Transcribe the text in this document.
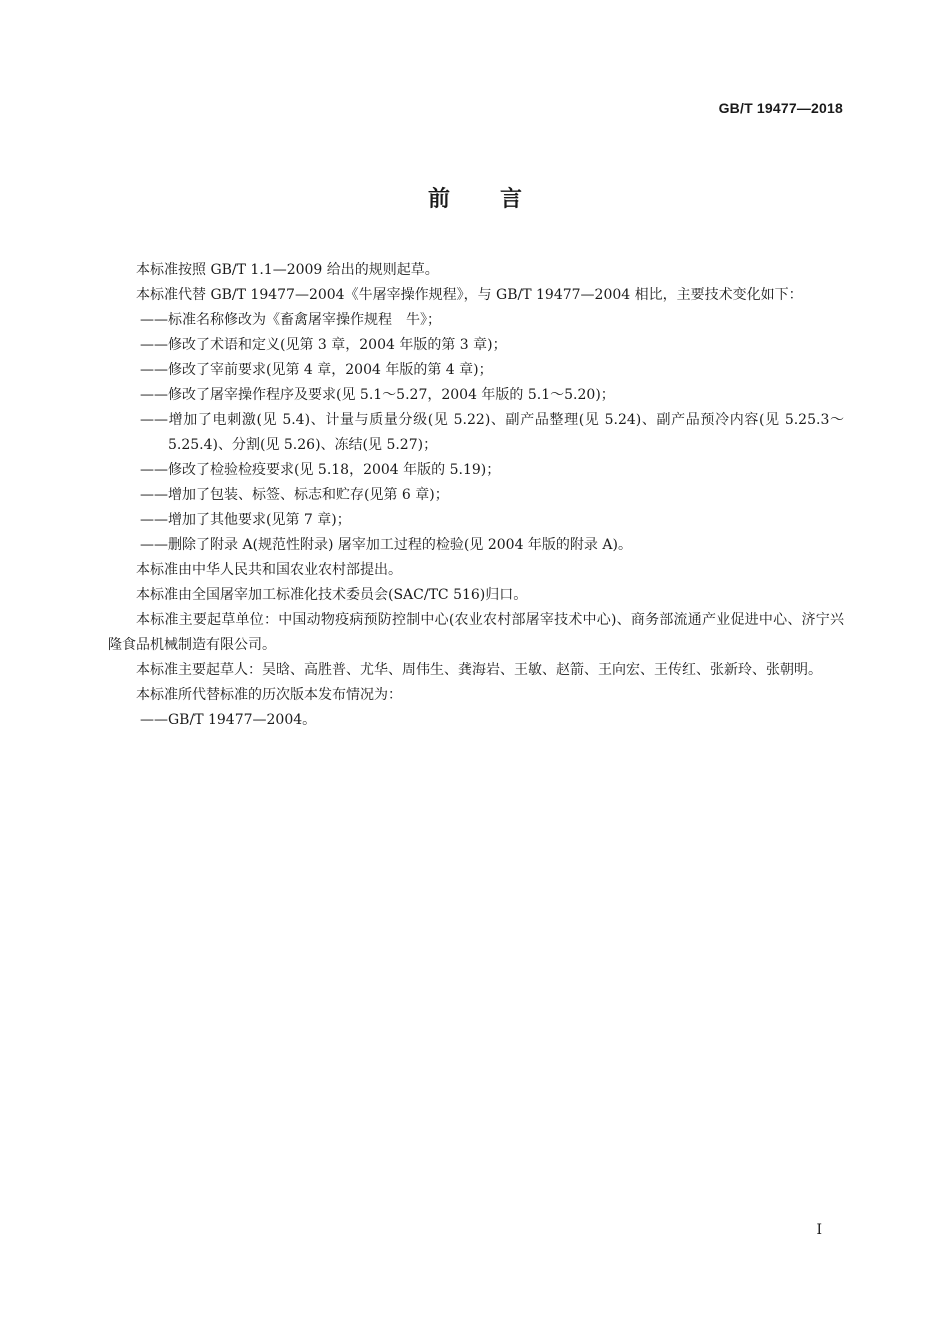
GB/T 19477—2018
前 言

本标准按照 GB/T 1.1—2009 给出的规则起草。

本标准代替 GB/T 19477—2004《牛屠宰操作规程》，与 GB/T 19477—2004 相比，主要技术变化如下：

——标准名称修改为《畜禽屠宰操作规程　牛》；

——修改了术语和定义(见第 3 章，2004 年版的第 3 章)；

——修改了宰前要求(见第 4 章，2004 年版的第 4 章)；

——修改了屠宰操作程序及要求(见 5.1～5.27，2004 年版的 5.1～5.20)；

——增加了电刺激(见 5.4)、计量与质量分级(见 5.22)、副产品整理(见 5.24)、副产品预冷内容(见 5.25.3～5.25.4)、分割(见 5.26)、冻结(见 5.27)；

——修改了检验检疫要求(见 5.18，2004 年版的 5.19)；

——增加了包装、标签、标志和贮存(见第 6 章)；

——增加了其他要求(见第 7 章)；

——删除了附录 A(规范性附录) 屠宰加工过程的检验(见 2004 年版的附录 A)。

本标准由中华人民共和国农业农村部提出。

本标准由全国屠宰加工标准化技术委员会(SAC/TC 516)归口。

本标准主要起草单位：中国动物疫病预防控制中心(农业农村部屠宰技术中心)、商务部流通产业促进中心、济宁兴隆食品机械制造有限公司。

本标准主要起草人：吴晗、高胜普、尤华、周伟生、龚海岩、王敏、赵箭、王向宏、王传红、张新玲、张朝明。

本标准所代替标准的历次版本发布情况为：

——GB/T 19477—2004。

I
